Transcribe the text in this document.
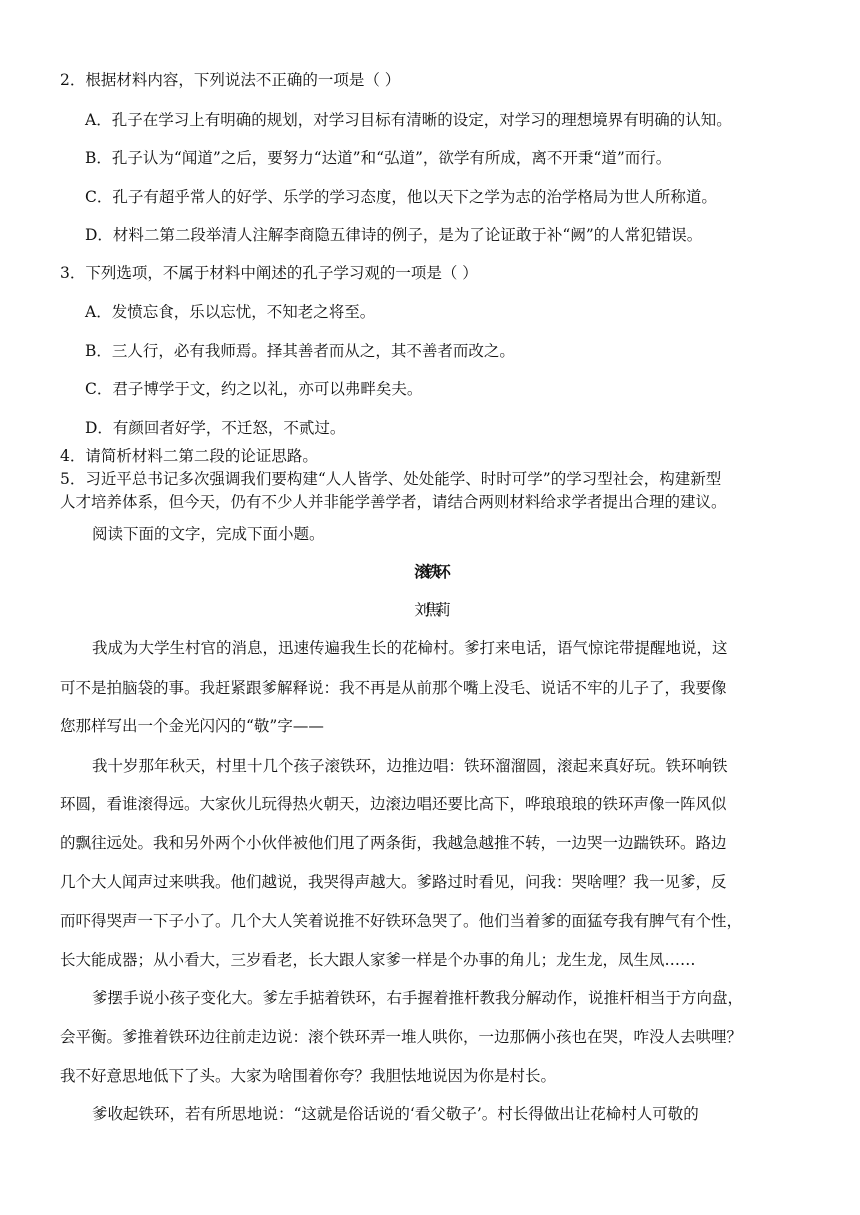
2．根据材料内容，下列说法不正确的一项是（ ）
A．孔子在学习上有明确的规划，对学习目标有清晰的设定，对学习的理想境界有明确的认知。
B．孔子认为“闻道”之后，要努力“达道”和“弘道”，欲学有所成，离不开秉“道”而行。
C．孔子有超乎常人的好学、乐学的学习态度，他以天下之学为志的治学格局为世人所称道。
D．材料二第二段举清人注解李商隐五律诗的例子，是为了论证敢于补“阙”的人常犯错误。
3．下列选项，不属于材料中阐述的孔子学习观的一项是（ ）
A．发愤忘食，乐以忘忧，不知老之将至。
B．三人行，必有我师焉。择其善者而从之，其不善者而改之。
C．君子博学于文，约之以礼，亦可以弗畔矣夫。
D．有颜回者好学，不迁怒，不贰过。
4．请简析材料二第二段的论证思路。
5．习近平总书记多次强调我们要构建“人人皆学、处处能学、时时可学”的学习型社会，构建新型
人才培养体系，但今天，仍有不少人并非能学善学者，请结合两则材料给求学者提出合理的建议。
阅读下面的文字，完成下面小题。
滚铁环
刘焦莉
我成为大学生村官的消息，迅速传遍我生长的花椧村。爹打来电话，语气惊诧带提醒地说，这
可不是拍脑袋的事。我赶紧跟爹解释说：我不再是从前那个嘴上没毛、说话不牢的儿子了，我要像
您那样写出一个金光闪闪的“敬”字——
我十岁那年秋天，村里十几个孩子滚铁环，边推边唱：铁环溜溜圆，滚起来真好玩。铁环响铁
环圆，看谁滚得远。大家伙儿玩得热火朝天，边滚边唱还要比高下，哗琅琅琅的铁环声像一阵风似
的飘往远处。我和另外两个小伙伴被他们甩了两条街，我越急越推不转，一边哭一边踹铁环。路边
几个大人闻声过来哄我。他们越说，我哭得声越大。爹路过时看见，问我：哭啥哩？我一见爹，反
而吓得哭声一下子小了。几个大人笑着说推不好铁环急哭了。他们当着爹的面猛夸我有脾气有个性，
长大能成器；从小看大，三岁看老，长大跟人家爹一样是个办事的角儿；龙生龙，凤生凤……
爹摆手说小孩子变化大。爹左手掂着铁环，右手握着推杆教我分解动作，说推杆相当于方向盘，
会平衡。爹推着铁环边往前走边说：滚个铁环弄一堆人哄你，一边那俩小孩也在哭，咋没人去哄哩？
我不好意思地低下了头。大家为啥围着你夸？我胆怯地说因为你是村长。
爹收起铁环，若有所思地说：“这就是俗话说的‘看父敬子’。村长得做出让花椧村人可敬的
